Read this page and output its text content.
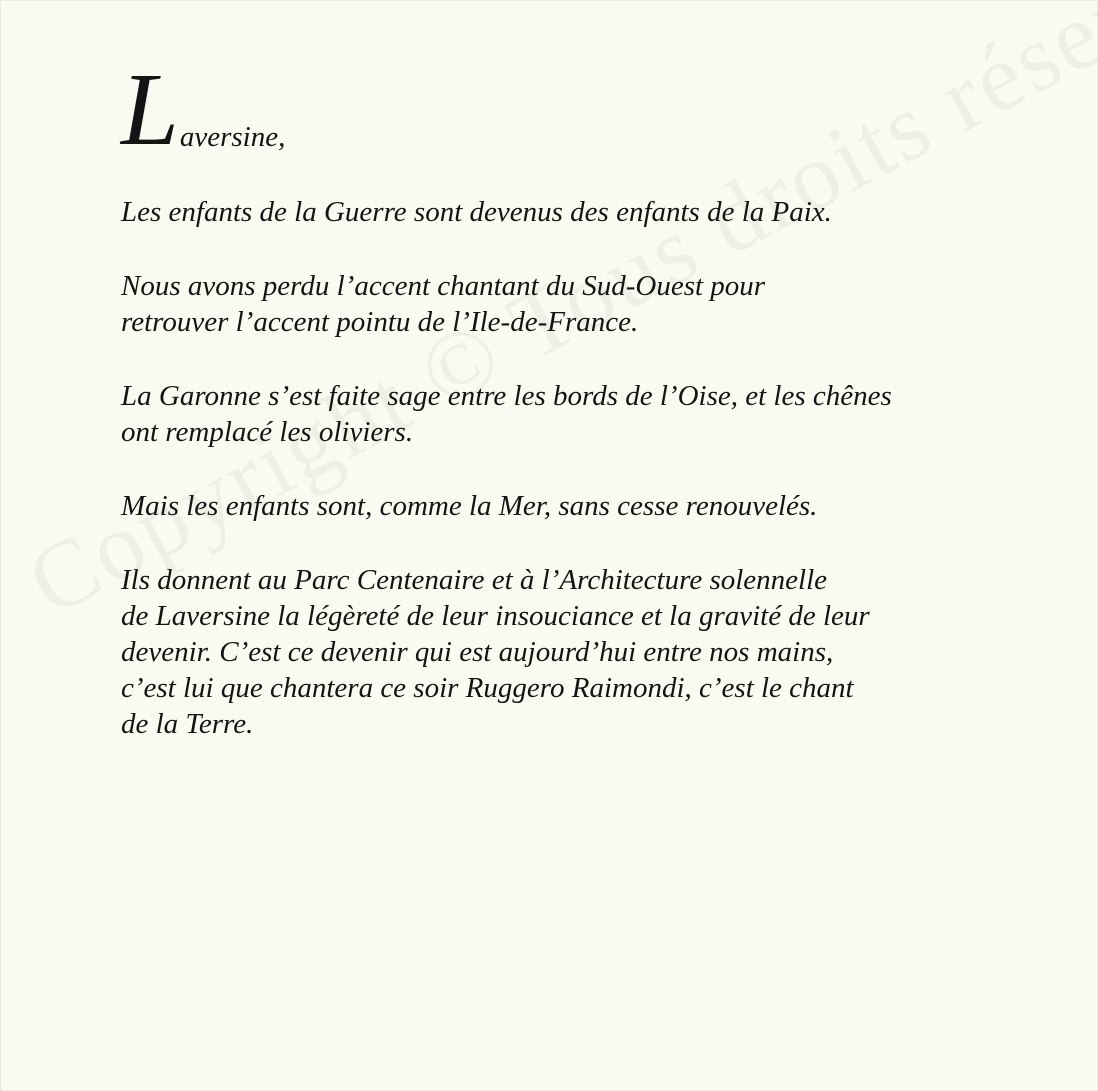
Laversine,
Les enfants de la Guerre sont devenus des enfants de la Paix.
Nous avons perdu l’accent chantant du Sud-Ouest pour
retrouver l’accent pointu de l’Ile-de-France.
La Garonne s’est faite sage entre les bords de l’Oise, et les chênes
ont remplacé les oliviers.
Mais les enfants sont, comme la Mer, sans cesse renouvelés.
Ils donnent au Parc Centenaire et à l’Architecture solennelle
de Laversine la légèreté de leur insouciance et la gravité de leur
devenir. C’est ce devenir qui est aujourd’hui entre nos mains,
c’est lui que chantera ce soir Ruggero Raimondi, c’est le chant
de la Terre.
